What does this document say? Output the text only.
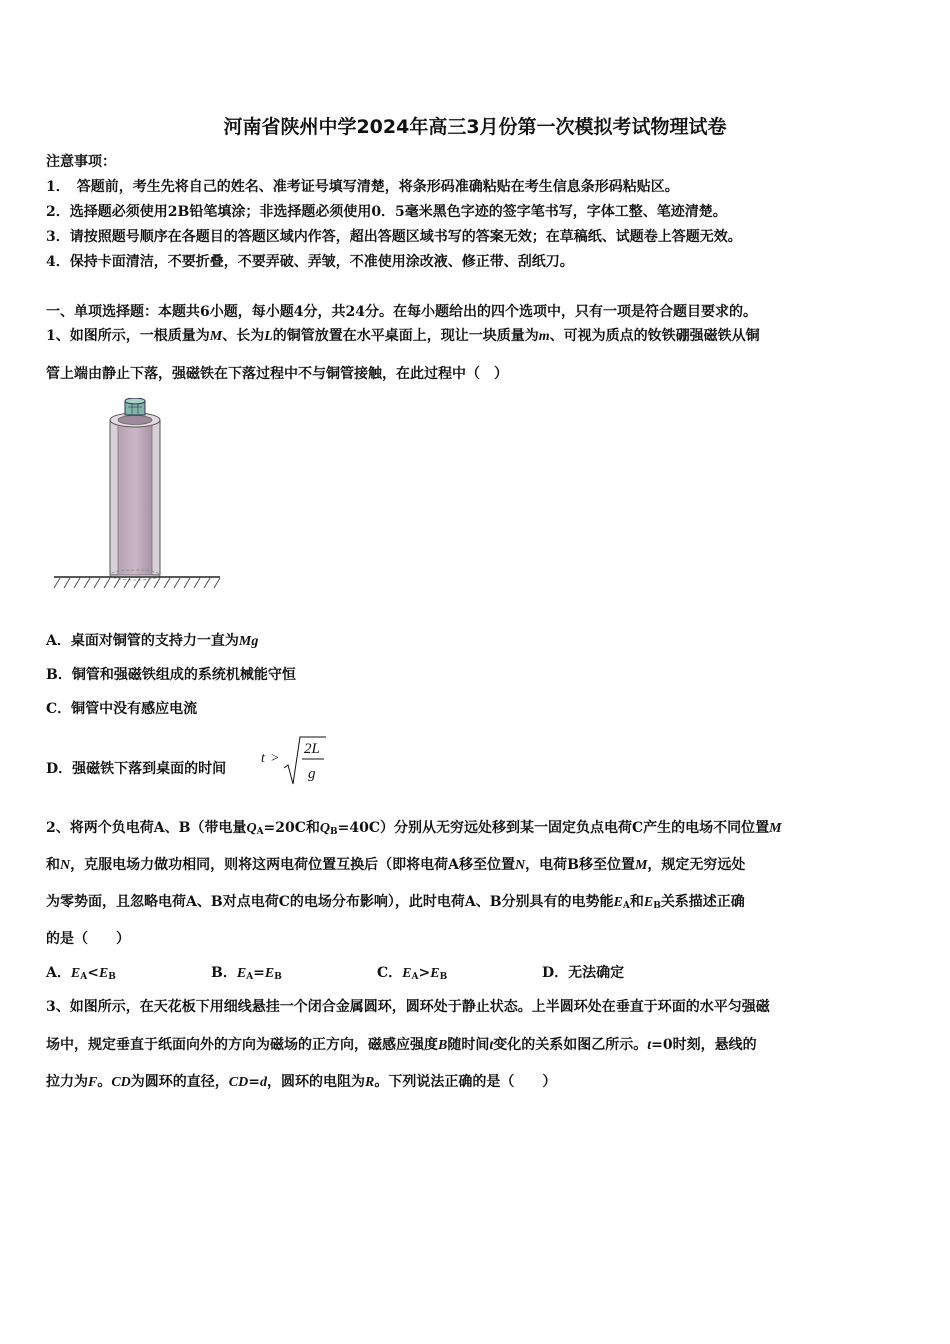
河南省陕州中学2024年高三3月份第一次模拟考试物理试卷
注意事项：
1．　答题前，考生先将自己的姓名、准考证号填写清楚，将条形码准确粘贴在考生信息条形码粘贴区。
2．选择题必须使用2B铅笔填涂；非选择题必须使用0．5毫米黑色字迹的签字笔书写，字体工整、笔迹清楚。
3．请按照题号顺序在各题目的答题区域内作答，超出答题区域书写的答案无效；在草稿纸、试题卷上答题无效。
4．保持卡面清洁，不要折叠，不要弄破、弄皱，不准使用涂改液、修正带、刮纸刀。
一、单项选择题：本题共6小题，每小题4分，共24分。在每小题给出的四个选项中，只有一项是符合题目要求的。
1、如图所示，一根质量为M、长为L的铜管放置在水平桌面上，现让一块质量为m、可视为质点的钕铁硼强磁铁从铜
管上端由静止下落，强磁铁在下落过程中不与铜管接触，在此过程中（　）
A．桌面对铜管的支持力一直为Mg
B．铜管和强磁铁组成的系统机械能守恒
C．铜管中没有感应电流
D．强磁铁下落到桌面的时间
t >
2L
g
2、将两个负电荷A、B（带电量$Q_A=20C$和$Q_B=40C$）分别从无穷远处移到某一固定负点电荷C产生的电场不同位置M
和N，克服电场力做功相同，则将这两电荷位置互换后（即将电荷A移至位置N，电荷B移至位置M，规定无穷远处
为零势面，且忽略电荷A、B对点电荷C的电场分布影响），此时电荷A、B分别具有的电势能$E_A$和$E_B$关系描述正确
的是（　　）
A．$E_A<E_B$	B．$E_A=E_B$	C．$E_A>E_B$	D．无法确定
3、如图所示，在天花板下用细线悬挂一个闭合金属圆环，圆环处于静止状态。上半圆环处在垂直于环面的水平匀强磁
场中，规定垂直于纸面向外的方向为磁场的正方向，磁感应强度B随时间t变化的关系如图乙所示。t=0时刻，悬线的
拉力为F。CD为圆环的直径，CD=d，圆环的电阻为R。下列说法正确的是（　　）
